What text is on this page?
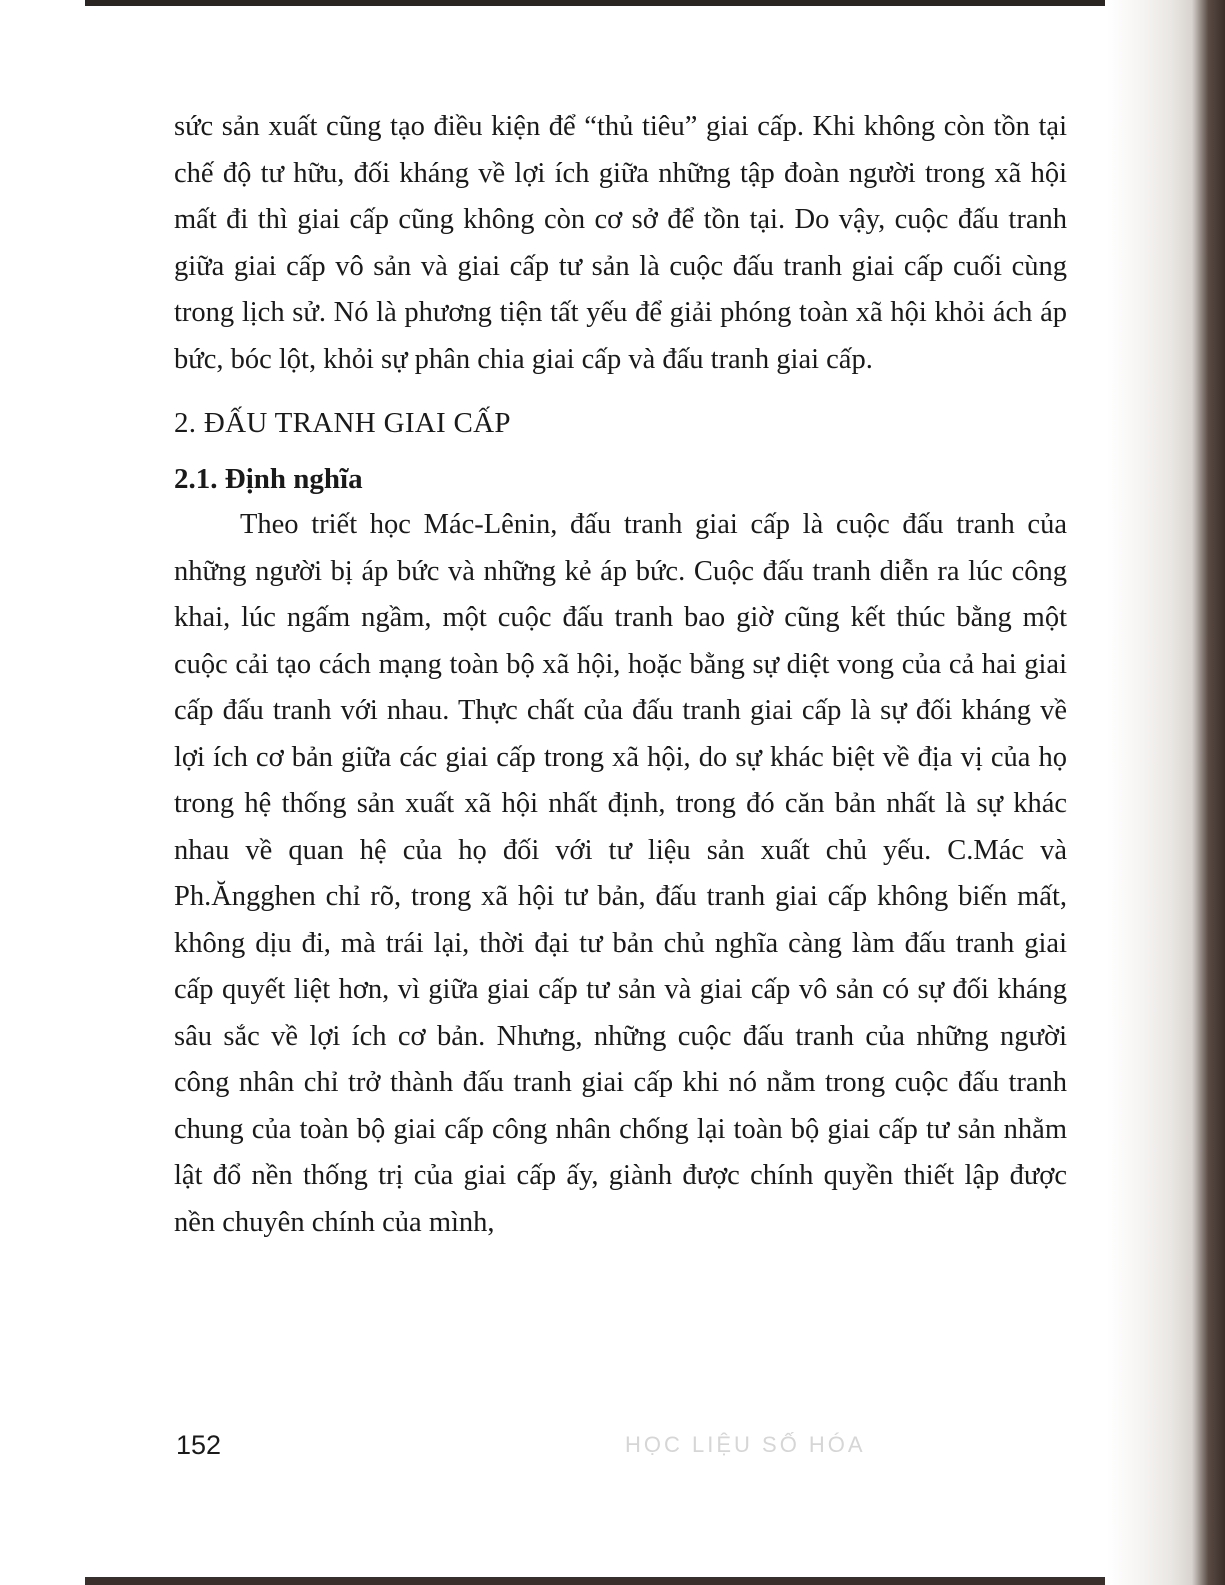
sức sản xuất cũng tạo điều kiện để “thủ tiêu” giai cấp. Khi không còn tồn tại chế độ tư hữu, đối kháng về lợi ích giữa những tập đoàn người trong xã hội mất đi thì giai cấp cũng không còn cơ sở để tồn tại. Do vậy, cuộc đấu tranh giữa giai cấp vô sản và giai cấp tư sản là cuộc đấu tranh giai cấp cuối cùng trong lịch sử. Nó là phương tiện tất yếu để giải phóng toàn xã hội khỏi ách áp bức, bóc lột, khỏi sự phân chia giai cấp và đấu tranh giai cấp.

2. ĐẤU TRANH GIAI CẤP
2.1. Định nghĩa

Theo triết học Mác-Lênin, đấu tranh giai cấp là cuộc đấu tranh của những người bị áp bức và những kẻ áp bức. Cuộc đấu tranh diễn ra lúc công khai, lúc ngấm ngầm, một cuộc đấu tranh bao giờ cũng kết thúc bằng một cuộc cải tạo cách mạng toàn bộ xã hội, hoặc bằng sự diệt vong của cả hai giai cấp đấu tranh với nhau. Thực chất của đấu tranh giai cấp là sự đối kháng về lợi ích cơ bản giữa các giai cấp trong xã hội, do sự khác biệt về địa vị của họ trong hệ thống sản xuất xã hội nhất định, trong đó căn bản nhất là sự khác nhau về quan hệ của họ đối với tư liệu sản xuất chủ yếu. C.Mác và Ph.Ăngghen chỉ rõ, trong xã hội tư bản, đấu tranh giai cấp không biến mất, không dịu đi, mà trái lại, thời đại tư bản chủ nghĩa càng làm đấu tranh giai cấp quyết liệt hơn, vì giữa giai cấp tư sản và giai cấp vô sản có sự đối kháng sâu sắc về lợi ích cơ bản. Nhưng, những cuộc đấu tranh của những người công nhân chỉ trở thành đấu tranh giai cấp khi nó nằm trong cuộc đấu tranh chung của toàn bộ giai cấp công nhân chống lại toàn bộ giai cấp tư sản nhằm lật đổ nền thống trị của giai cấp ấy, giành được chính quyền thiết lập được nền chuyên chính của mình,

152	HỌC LIỆU SỐ HÓA
